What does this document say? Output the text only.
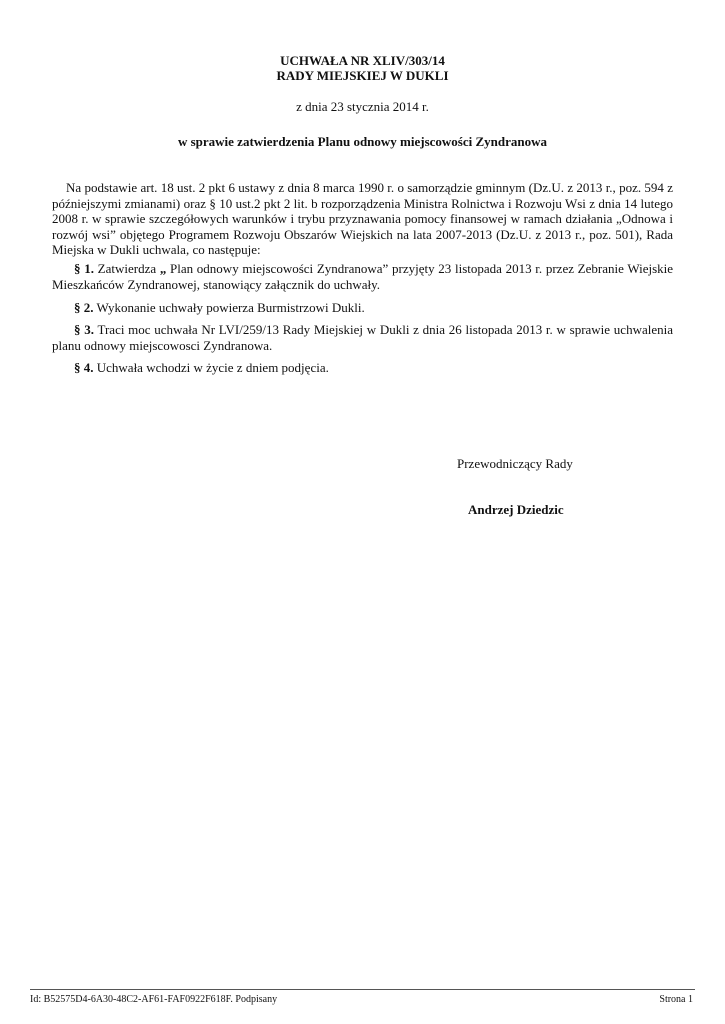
UCHWAŁA NR XLIV/303/14
RADY MIEJSKIEJ W DUKLI
z dnia 23 stycznia 2014 r.
w sprawie zatwierdzenia Planu odnowy miejscowości Zyndranowa
Na podstawie art. 18 ust. 2 pkt 6 ustawy z dnia 8 marca 1990 r. o samorządzie gminnym (Dz.U. z 2013 r., poz. 594 z późniejszymi zmianami) oraz § 10 ust.2 pkt 2 lit. b rozporządzenia Ministra Rolnictwa i Rozwoju Wsi z dnia 14 lutego 2008 r. w sprawie szczegółowych warunków i trybu przyznawania pomocy finansowej w ramach działania „Odnowa i rozwój wsi” objętego Programem Rozwoju Obszarów Wiejskich na lata 2007-2013 (Dz.U. z 2013 r., poz. 501), Rada Miejska w Dukli uchwala, co następuje:
§ 1. Zatwierdza „ Plan odnowy miejscowości Zyndranowa” przyjęty 23 listopada 2013 r. przez Zebranie Wiejskie Mieszkańców Zyndranowej, stanowiący załącznik do uchwały.
§ 2. Wykonanie uchwały powierza Burmistrzowi Dukli.
§ 3. Traci moc uchwała Nr LVI/259/13 Rady Miejskiej w Dukli z dnia 26 listopada 2013 r. w sprawie uchwalenia planu odnowy miejscowosci Zyndranowa.
§ 4. Uchwała wchodzi w życie z dniem podjęcia.
Przewodniczący Rady
Andrzej Dziedzic
Id: B52575D4-6A30-48C2-AF61-FAF0922F618F. Podpisany	Strona 1
